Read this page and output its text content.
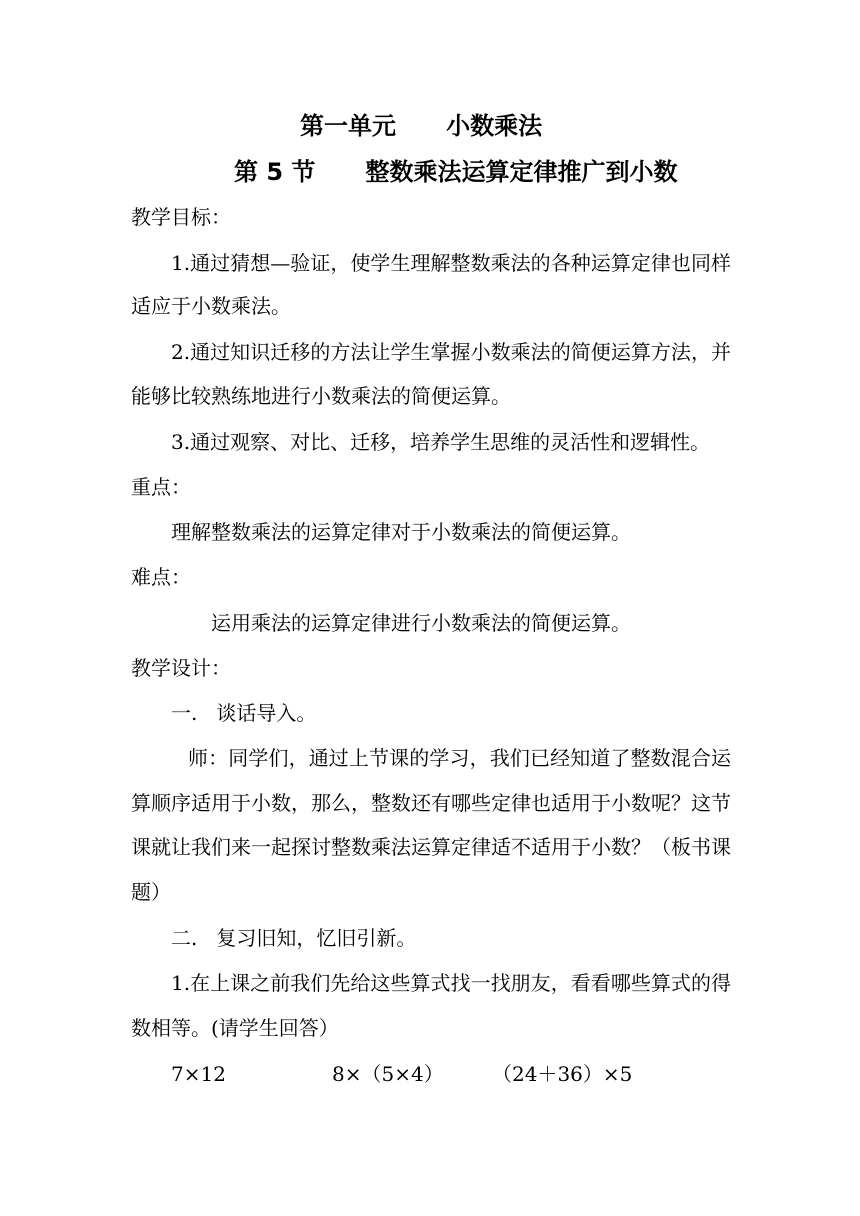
第一单元      小数乘法
第 5 节      整数乘法运算定律推广到小数
教学目标：
1.通过猜想—验证，使学生理解整数乘法的各种运算定律也同样
适应于小数乘法。
2.通过知识迁移的方法让学生掌握小数乘法的简便运算方法，并
能够比较熟练地进行小数乘法的简便运算。
3.通过观察、对比、迁移，培养学生思维的灵活性和逻辑性。
重点：
理解整数乘法的运算定律对于小数乘法的简便运算。
难点：
运用乘法的运算定律进行小数乘法的简便运算。
教学设计：
一.   谈话导入。
师：同学们，通过上节课的学习，我们已经知道了整数混合运
算顺序适用于小数，那么，整数还有哪些定律也适用于小数呢？这节
课就让我们来一起探讨整数乘法运算定律适不适用于小数？（板书课
题）
二.   复习旧知，忆旧引新。
1.在上课之前我们先给这些算式找一找朋友，看看哪些算式的得
数相等。(请学生回答）
7×12	8×（5×4） （24＋36）×5
